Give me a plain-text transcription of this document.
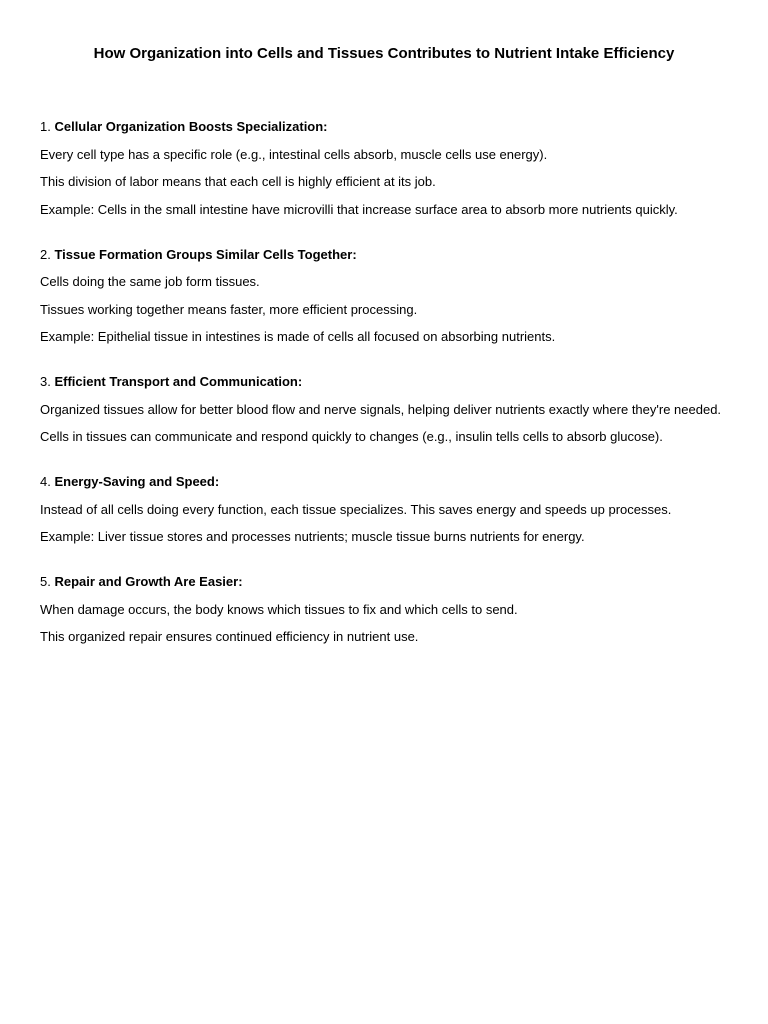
How Organization into Cells and Tissues Contributes to Nutrient Intake Efficiency
1. Cellular Organization Boosts Specialization:
Every cell type has a specific role (e.g., intestinal cells absorb, muscle cells use energy).
This division of labor means that each cell is highly efficient at its job.
Example: Cells in the small intestine have microvilli that increase surface area to absorb more nutrients quickly.
2. Tissue Formation Groups Similar Cells Together:
Cells doing the same job form tissues.
Tissues working together means faster, more efficient processing.
Example: Epithelial tissue in intestines is made of cells all focused on absorbing nutrients.
3. Efficient Transport and Communication:
Organized tissues allow for better blood flow and nerve signals, helping deliver nutrients exactly where they're needed.
Cells in tissues can communicate and respond quickly to changes (e.g., insulin tells cells to absorb glucose).
4. Energy-Saving and Speed:
Instead of all cells doing every function, each tissue specializes. This saves energy and speeds up processes.
Example: Liver tissue stores and processes nutrients; muscle tissue burns nutrients for energy.
5. Repair and Growth Are Easier:
When damage occurs, the body knows which tissues to fix and which cells to send.
This organized repair ensures continued efficiency in nutrient use.
